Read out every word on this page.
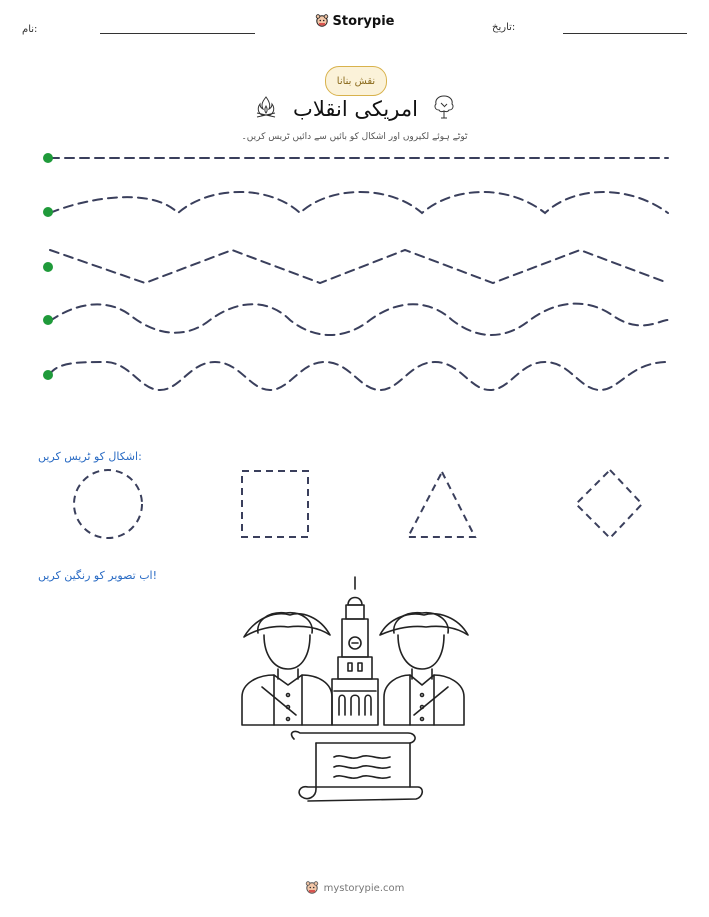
نام:
Storypie	تاریخ:
نقش بنانا
امریکی انقلاب
ٹوٹے ہوئے لکیروں اور اشکال کو بائیں سے دائیں ٹریس کریں۔
اشکال کو ٹریس کریں:
اب تصویر کو رنگین کریں!
mystorypie.com
